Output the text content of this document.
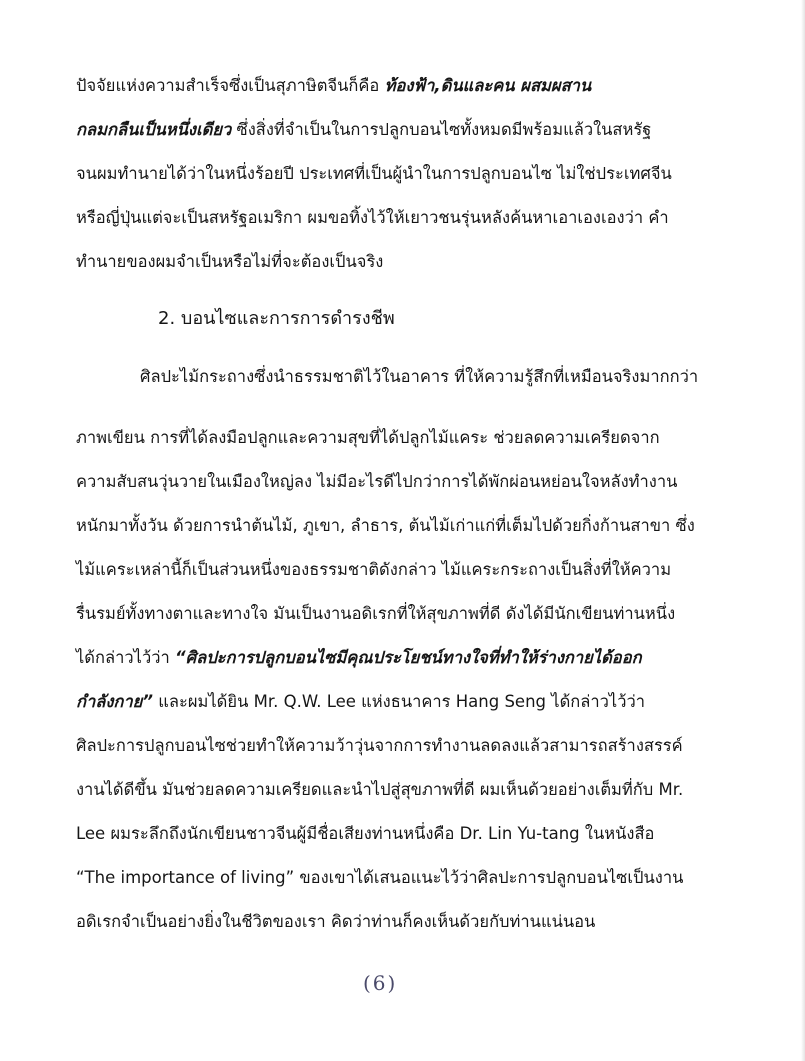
ปัจจัยแห่งความสำเร็จซึ่งเป็นสุภาษิตจีนก็คือ ท้องฟ้า,ดินและคน ผสมผสาน
กลมกลืนเป็นหนึ่งเดียว ซึ่งสิ่งที่จำเป็นในการปลูกบอนไซทั้งหมดมีพร้อมแล้วในสหรัฐ
จนผมทำนายได้ว่าในหนึ่งร้อยปี ประเทศที่เป็นผู้นำในการปลูกบอนไซ ไม่ใช่ประเทศจีน
หรือญี่ปุ่นแต่จะเป็นสหรัฐอเมริกา ผมขอทิ้งไว้ให้เยาวชนรุ่นหลังค้นหาเอาเองเองว่า คำ
ทำนายของผมจำเป็นหรือไม่ที่จะต้องเป็นจริง
2. บอนไซและการการดำรงชีพ
ศิลปะไม้กระถางซึ่งนำธรรมชาติไว้ในอาคาร ที่ให้ความรู้สึกที่เหมือนจริงมากกว่า
ภาพเขียน การที่ได้ลงมือปลูกและความสุขที่ได้ปลูกไม้แคระ ช่วยลดความเครียดจาก
ความสับสนวุ่นวายในเมืองใหญ่ลง ไม่มีอะไรดีไปกว่าการได้พักผ่อนหย่อนใจหลังทำงาน
หนักมาทั้งวัน ด้วยการนำต้นไม้, ภูเขา, ลำธาร, ต้นไม้เก่าแก่ที่เต็มไปด้วยกิ่งก้านสาขา ซึ่ง
ไม้แคระเหล่านี้ก็เป็นส่วนหนึ่งของธรรมชาติดังกล่าว ไม้แคระกระถางเป็นสิ่งที่ให้ความ
รื่นรมย์ทั้งทางตาและทางใจ มันเป็นงานอดิเรกที่ให้สุขภาพที่ดี ดังได้มีนักเขียนท่านหนึ่ง
ได้กล่าวไว้ว่า “ศิลปะการปลูกบอนไซมีคุณประโยชน์ทางใจที่ทำให้ร่างกายได้ออก
กำลังกาย” และผมได้ยิน Mr. Q.W. Lee แห่งธนาคาร Hang Seng ได้กล่าวไว้ว่า
ศิลปะการปลูกบอนไซช่วยทำให้ความว้าวุ่นจากการทำงานลดลงแล้วสามารถสร้างสรรค์
งานได้ดีขึ้น มันช่วยลดความเครียดและนำไปสู่สุขภาพที่ดี ผมเห็นด้วยอย่างเต็มที่กับ Mr.
Lee ผมระลึกถึงนักเขียนชาวจีนผู้มีชื่อเสียงท่านหนึ่งคือ Dr. Lin Yu-tang ในหนังสือ
“The importance of living” ของเขาได้เสนอแนะไว้ว่าศิลปะการปลูกบอนไซเป็นงาน
อดิเรกจำเป็นอย่างยิ่งในชีวิตของเรา คิดว่าท่านก็คงเห็นด้วยกับท่านแน่นอน
(6)
